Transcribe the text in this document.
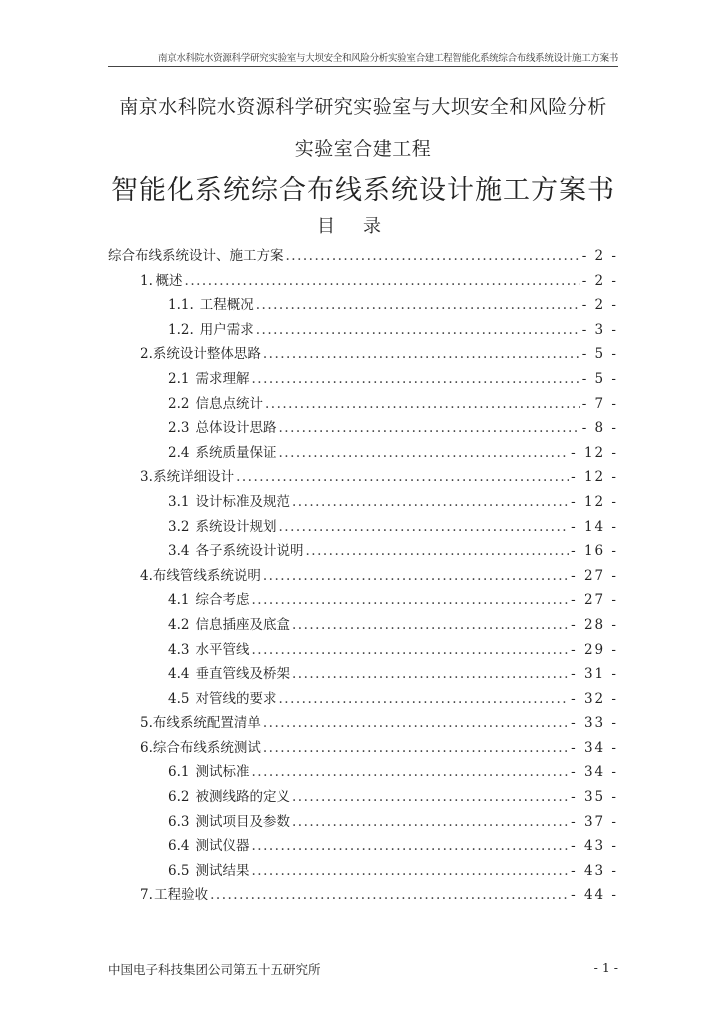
南京水科院水资源科学研究实验室与大坝安全和风险分析实验室合建工程智能化系统综合布线系统设计施工方案书
南京水科院水资源科学研究实验室与大坝安全和风险分析
实验室合建工程
智能化系统综合布线系统设计施工方案书
目录
综合布线系统设计、施工方案 .....	- 2 -
1. 概述 .....	- 2 -
1.1. 工程概况 .....	- 2 -
1.2. 用户需求 .....	- 3 -
2. 系统设计整体思路 .....	- 5 -
2.1 需求理解 .....	- 5 -
2.2 信息点统计 .....	- 7 -
2.3 总体设计思路 .....	- 8 -
2.4 系统质量保证 .....	- 12 -
3. 系统详细设计 .....	- 12 -
3.1 设计标准及规范 .....	- 12 -
3.2 系统设计规划 .....	- 14 -
3.4 各子系统设计说明 .....	- 16 -
4. 布线管线系统说明 .....	- 27 -
4.1 综合考虑 .....	- 27 -
4.2 信息插座及底盒 .....	- 28 -
4.3 水平管线 .....	- 29 -
4.4 垂直管线及桥架 .....	- 31 -
4.5 对管线的要求 .....	- 32 -
5. 布线系统配置清单 .....	- 33 -
6. 综合布线系统测试 .....	- 34 -
6.1 测试标准 .....	- 34 -
6.2 被测线路的定义 .....	- 35 -
6.3 测试项目及参数 .....	- 37 -
6.4 测试仪器 .....	- 43 -
6.5 测试结果 .....	- 43 -
7. 工程验收 .....	- 44 -
中国电子科技集团公司第五十五研究所	- 1 -
